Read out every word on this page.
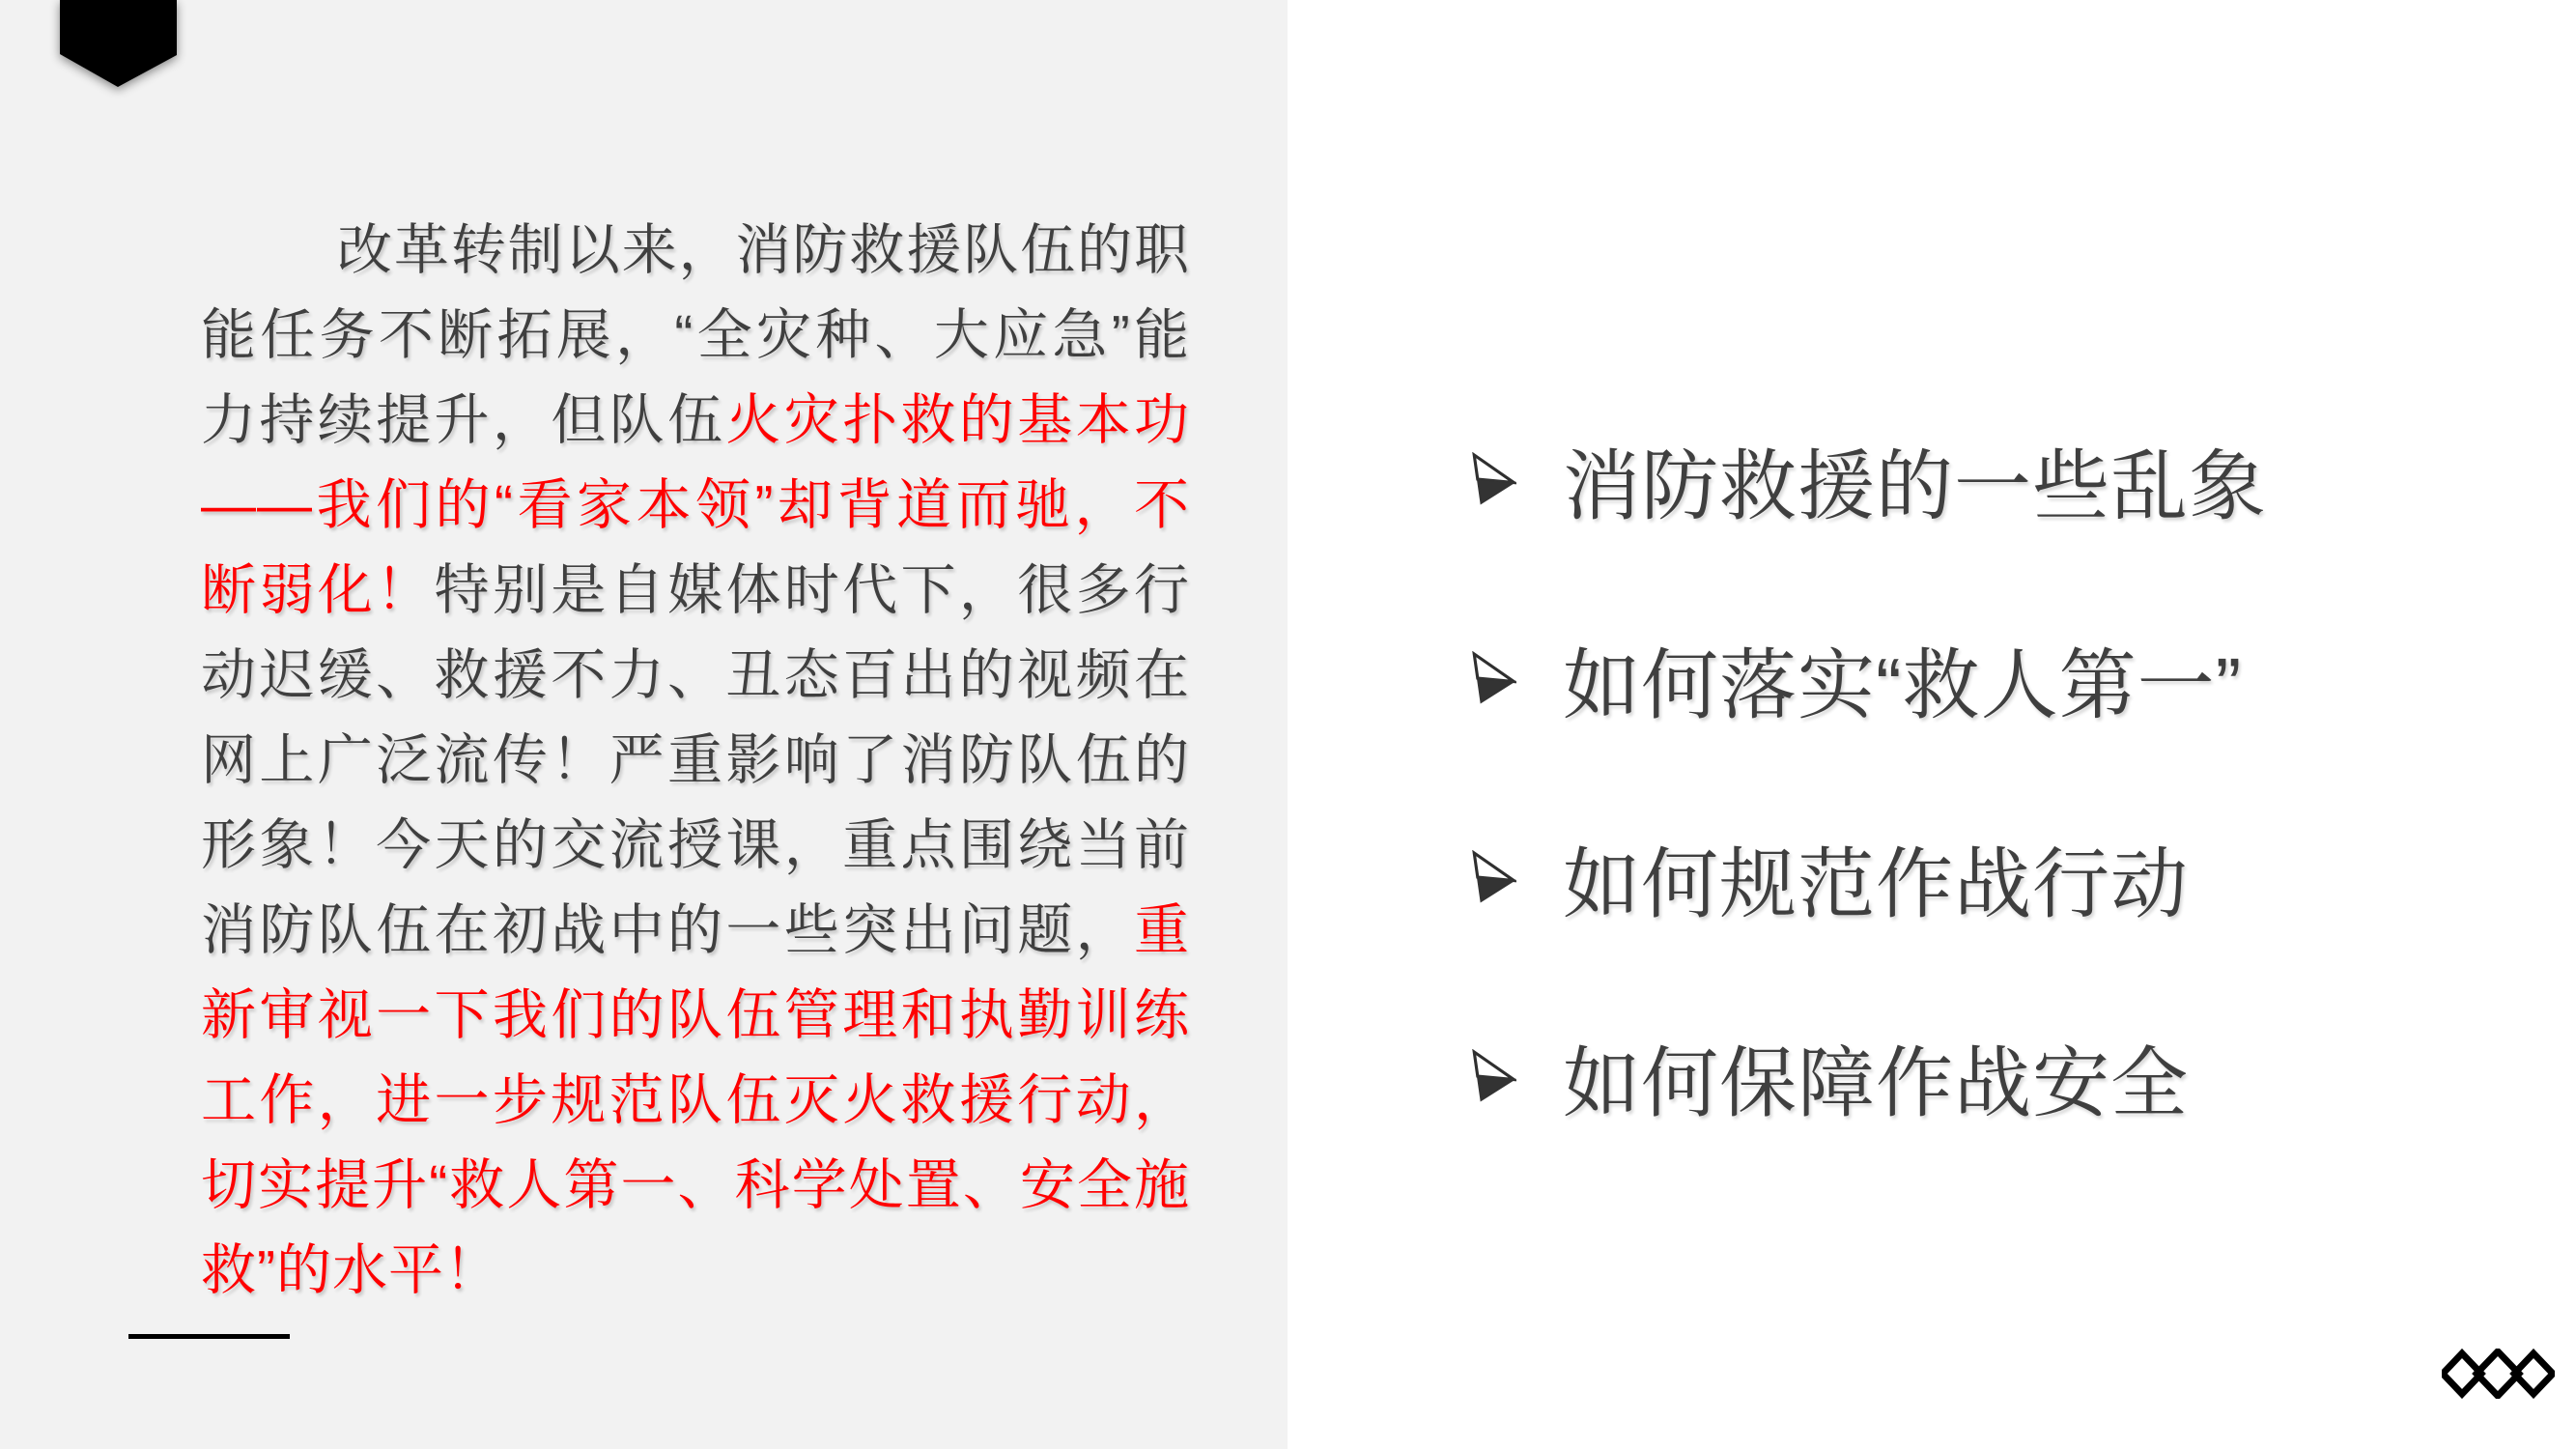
改革转制以来，消防救援队伍的职能任务不断拓展，“全灾种、大应急”能力持续提升，但队伍火灾扑救的基本功——我们的“看家本领”却背道而驰，不断弱化！特别是自媒体时代下，很多行动迟缓、救援不力、丑态百出的视频在网上广泛流传！严重影响了消防队伍的形象！今天的交流授课，重点围绕当前消防队伍在初战中的一些突出问题，重新审视一下我们的队伍管理和执勤训练工作，进一步规范队伍灭火救援行动，切实提升“救人第一、科学处置、安全施救”的水平！

消防救援的一些乱象
如何落实“救人第一”
如何规范作战行动
如何保障作战安全
